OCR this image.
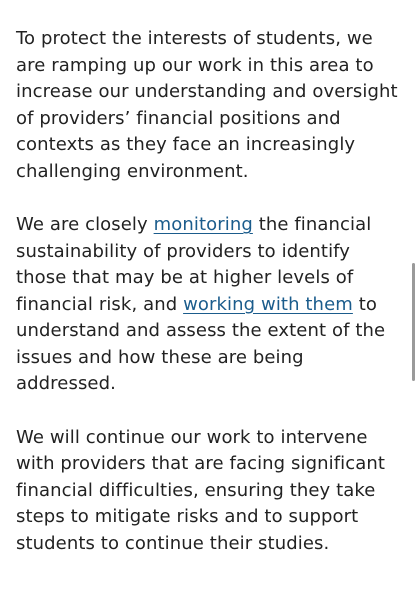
To protect the interests of students, we are ramping up our work in this area to increase our understanding and oversight of providers’ financial positions and contexts as they face an increasingly challenging environment.

We are closely monitoring the financial sustainability of providers to identify those that may be at higher levels of financial risk, and working with them to understand and assess the extent of the issues and how these are being addressed.

We will continue our work to intervene with providers that are facing significant financial difficulties, ensuring they take steps to mitigate risks and to support students to continue their studies.
